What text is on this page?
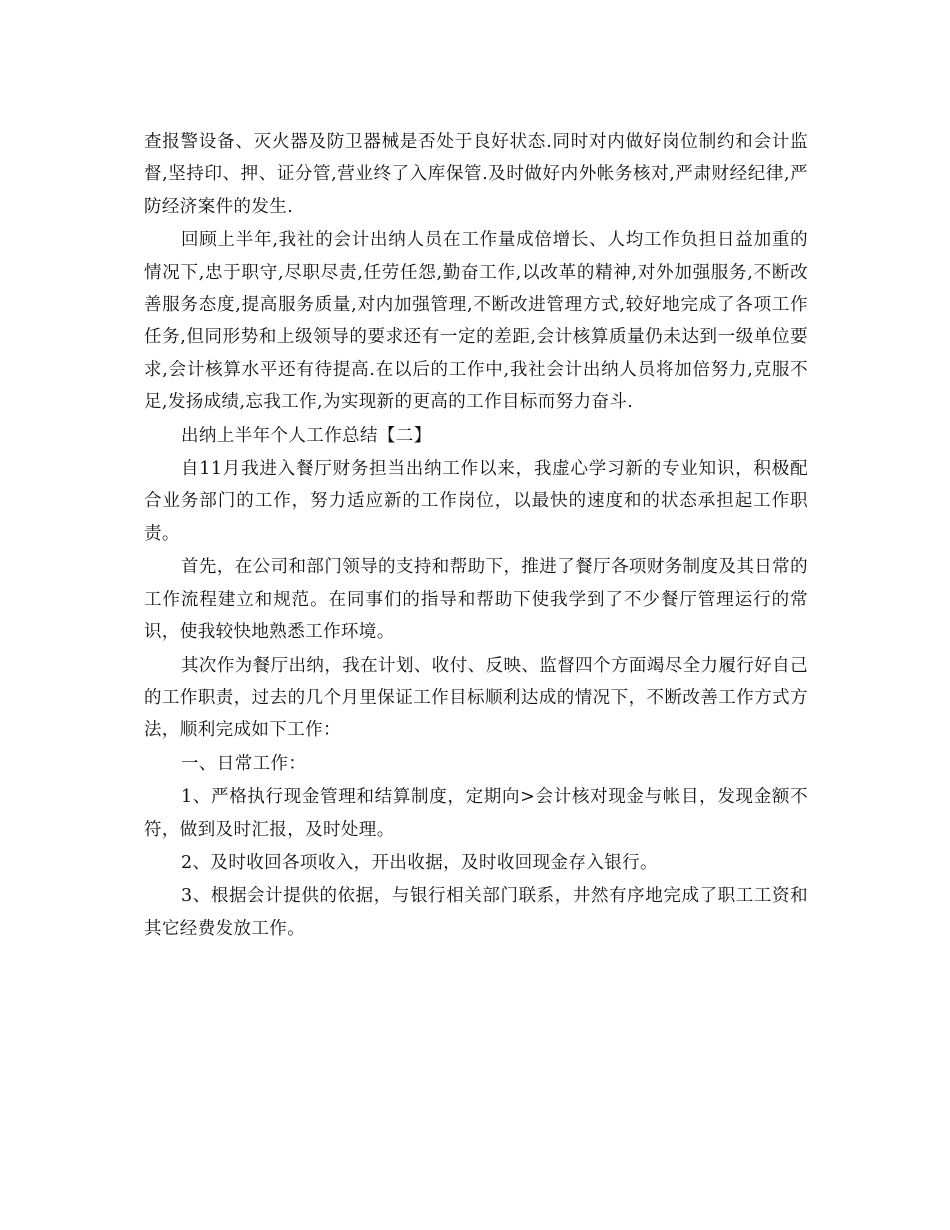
查报警设备、灭火器及防卫器械是否处于良好状态.同时对内做好岗位制约和会计监督,坚持印、押、证分管,营业终了入库保管.及时做好内外帐务核对,严肃财经纪律,严防经济案件的发生.

回顾上半年,我社的会计出纳人员在工作量成倍增长、人均工作负担日益加重的情况下,忠于职守,尽职尽责,任劳任怨,勤奋工作,以改革的精神,对外加强服务,不断改善服务态度,提高服务质量,对内加强管理,不断改进管理方式,较好地完成了各项工作任务,但同形势和上级领导的要求还有一定的差距,会计核算质量仍未达到一级单位要求,会计核算水平还有待提高.在以后的工作中,我社会计出纳人员将加倍努力,克服不足,发扬成绩,忘我工作,为实现新的更高的工作目标而努力奋斗.

出纳上半年个人工作总结【二】

自11月我进入餐厅财务担当出纳工作以来，我虚心学习新的专业知识，积极配合业务部门的工作，努力适应新的工作岗位，以最快的速度和的状态承担起工作职责。

首先，在公司和部门领导的支持和帮助下，推进了餐厅各项财务制度及其日常的工作流程建立和规范。在同事们的指导和帮助下使我学到了不少餐厅管理运行的常识，使我较快地熟悉工作环境。

其次作为餐厅出纳，我在计划、收付、反映、监督四个方面竭尽全力履行好自己的工作职责，过去的几个月里保证工作目标顺利达成的情况下，不断改善工作方式方法，顺利完成如下工作：

一、日常工作：

1、严格执行现金管理和结算制度，定期向>会计核对现金与帐目，发现金额不符，做到及时汇报，及时处理。

2、及时收回各项收入，开出收据，及时收回现金存入银行。

3、根据会计提供的依据，与银行相关部门联系，井然有序地完成了职工工资和其它经费发放工作。
